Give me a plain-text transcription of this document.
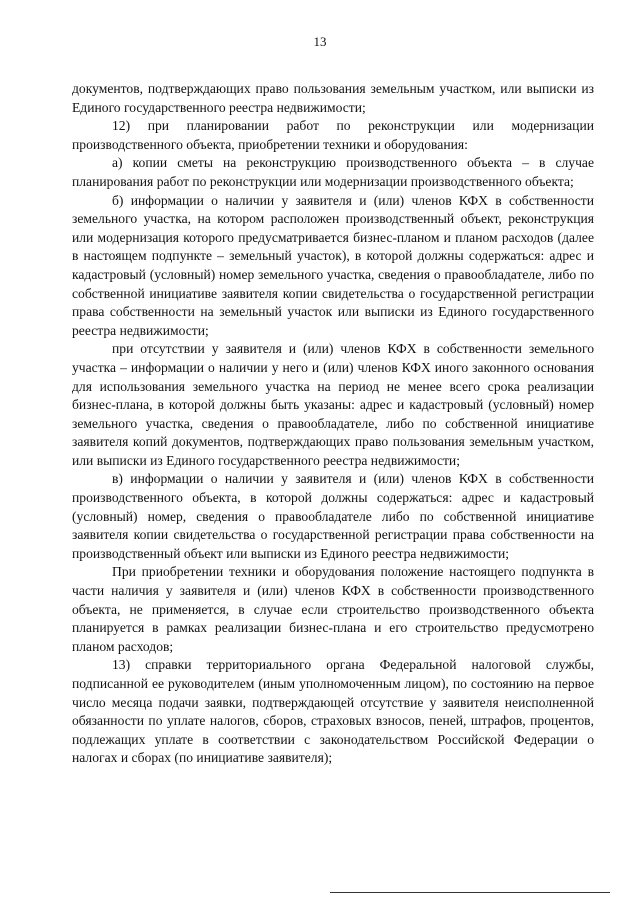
13

документов, подтверждающих право пользования земельным участком, или выписки из Единого государственного реестра недвижимости;

12) при планировании работ по реконструкции или модернизации производственного объекта, приобретении техники и оборудования:

а) копии сметы на реконструкцию производственного объекта – в случае планирования работ по реконструкции или модернизации производственного объекта;

б) информации о наличии у заявителя и (или) членов КФХ в собственности земельного участка, на котором расположен производственный объект, реконструкция или модернизация которого предусматривается бизнес-планом и планом расходов (далее в настоящем подпункте – земельный участок), в которой должны содержаться: адрес и кадастровый (условный) номер земельного участка, сведения о правообладателе, либо по собственной инициативе заявителя копии свидетельства о государственной регистрации права собственности на земельный участок или выписки из Единого государственного реестра недвижимости;

при отсутствии у заявителя и (или) членов КФХ в собственности земельного участка – информации о наличии у него и (или) членов КФХ иного законного основания для использования земельного участка на период не менее всего срока реализации бизнес-плана, в которой должны быть указаны: адрес и кадастровый (условный) номер земельного участка, сведения о правообладателе, либо по собственной инициативе заявителя копий документов, подтверждающих право пользования земельным участком, или выписки из Единого государственного реестра недвижимости;

в) информации о наличии у заявителя и (или) членов КФХ в собственности производственного объекта, в которой должны содержаться: адрес и кадастровый (условный) номер, сведения о правообладателе либо по собственной инициативе заявителя копии свидетельства о государственной регистрации права собственности на производственный объект или выписки из Единого реестра недвижимости;

При приобретении техники и оборудования положение настоящего подпункта в части наличия у заявителя и (или) членов КФХ в собственности производственного объекта, не применяется, в случае если строительство производственного объекта планируется в рамках реализации бизнес-плана и его строительство предусмотрено планом расходов;

13) справки территориального органа Федеральной налоговой службы, подписанной ее руководителем (иным уполномоченным лицом), по состоянию на первое число месяца подачи заявки, подтверждающей отсутствие у заявителя неисполненной обязанности по уплате налогов, сборов, страховых взносов, пеней, штрафов, процентов, подлежащих уплате в соответствии с законодательством Российской Федерации о налогах и сборах (по инициативе заявителя);
